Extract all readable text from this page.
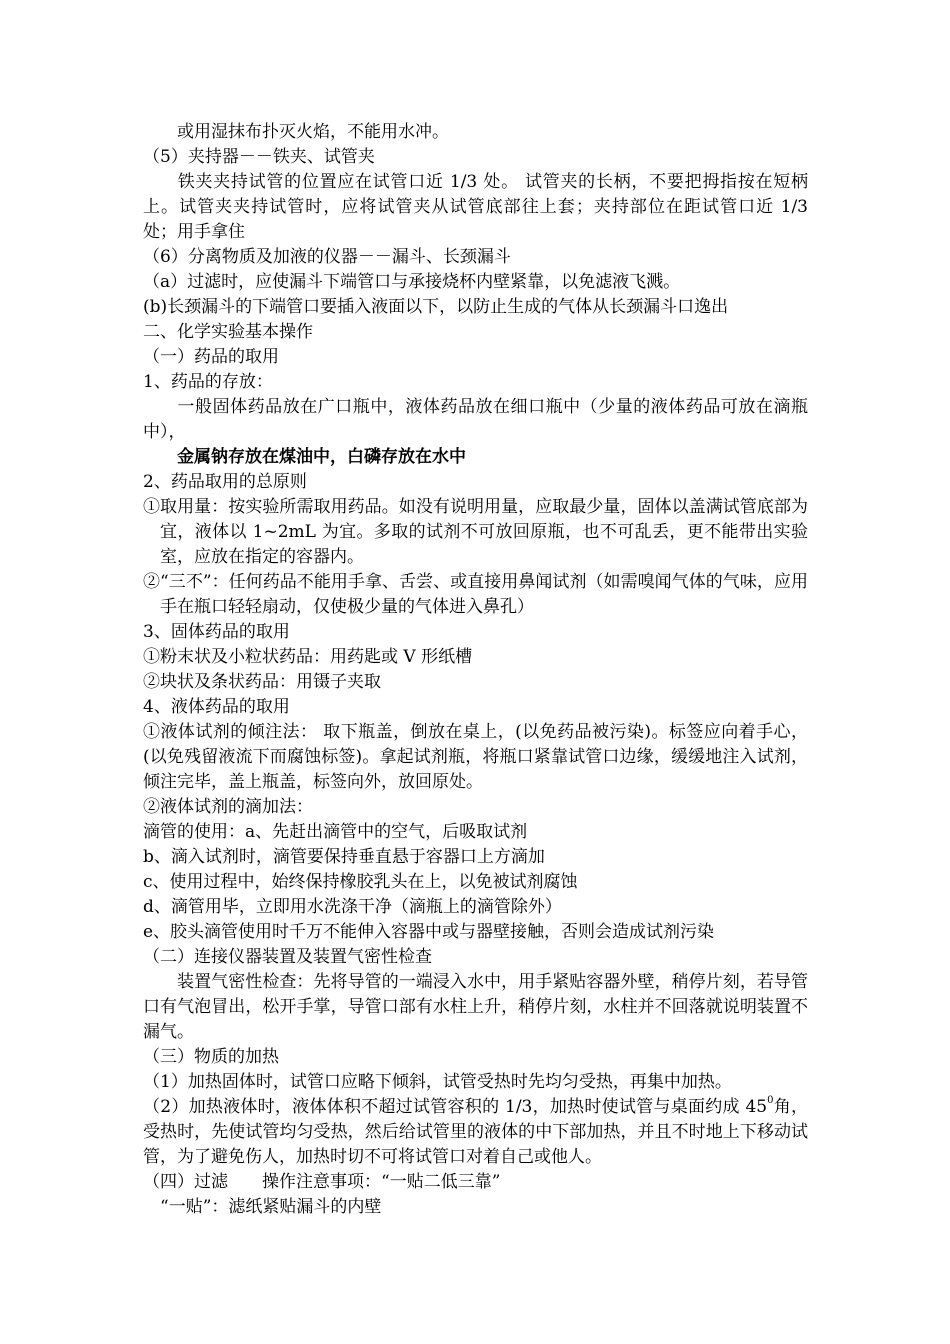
或用湿抹布扑灭火焰，不能用水冲。
（5）夹持器－－铁夹、试管夹
铁夹夹持试管的位置应在试管口近 1/3 处。 试管夹的长柄，不要把拇指按在短柄上。试管夹夹持试管时，应将试管夹从试管底部往上套；夹持部位在距试管口近 1/3 处；用手拿住
（6）分离物质及加液的仪器－－漏斗、长颈漏斗
（a）过滤时，应使漏斗下端管口与承接烧杯内壁紧靠，以免滤液飞溅。
(b)长颈漏斗的下端管口要插入液面以下，以防止生成的气体从长颈漏斗口逸出
二、化学实验基本操作
（一）药品的取用
1、药品的存放：
一般固体药品放在广口瓶中，液体药品放在细口瓶中（少量的液体药品可放在滴瓶中），
金属钠存放在煤油中，白磷存放在水中
2、药品取用的总原则
①取用量：按实验所需取用药品。如没有说明用量，应取最少量，固体以盖满试管底部为宜，液体以 1~2mL 为宜。多取的试剂不可放回原瓶，也不可乱丢，更不能带出实验室，应放在指定的容器内。
②“三不”：任何药品不能用手拿、舌尝、或直接用鼻闻试剂（如需嗅闻气体的气味，应用手在瓶口轻轻扇动，仅使极少量的气体进入鼻孔）
3、固体药品的取用
①粉末状及小粒状药品：用药匙或 V 形纸槽
②块状及条状药品：用镊子夹取
4、液体药品的取用
①液体试剂的倾注法： 取下瓶盖，倒放在桌上，(以免药品被污染)。标签应向着手心，(以免残留液流下而腐蚀标签)。拿起试剂瓶，将瓶口紧靠试管口边缘，缓缓地注入试剂，倾注完毕，盖上瓶盖，标签向外，放回原处。
②液体试剂的滴加法：
滴管的使用：a、先赶出滴管中的空气，后吸取试剂
b、滴入试剂时，滴管要保持垂直悬于容器口上方滴加
c、使用过程中，始终保持橡胶乳头在上，以免被试剂腐蚀
d、滴管用毕，立即用水洗涤干净（滴瓶上的滴管除外）
e、胶头滴管使用时千万不能伸入容器中或与器壁接触，否则会造成试剂污染
（二）连接仪器装置及装置气密性检查
装置气密性检查：先将导管的一端浸入水中，用手紧贴容器外壁，稍停片刻，若导管口有气泡冒出，松开手掌，导管口部有水柱上升，稍停片刻，水柱并不回落就说明装置不漏气。
（三）物质的加热
（1）加热固体时，试管口应略下倾斜，试管受热时先均匀受热，再集中加热。
（2）加热液体时，液体体积不超过试管容积的 1/3，加热时使试管与桌面约成 $45^0$角，受热时，先使试管均匀受热，然后给试管里的液体的中下部加热，并且不时地上下移动试管，为了避免伤人，加热时切不可将试管口对着自己或他人。
（四）过滤　　操作注意事项：“一贴二低三靠”
“一贴”：滤纸紧贴漏斗的内壁
